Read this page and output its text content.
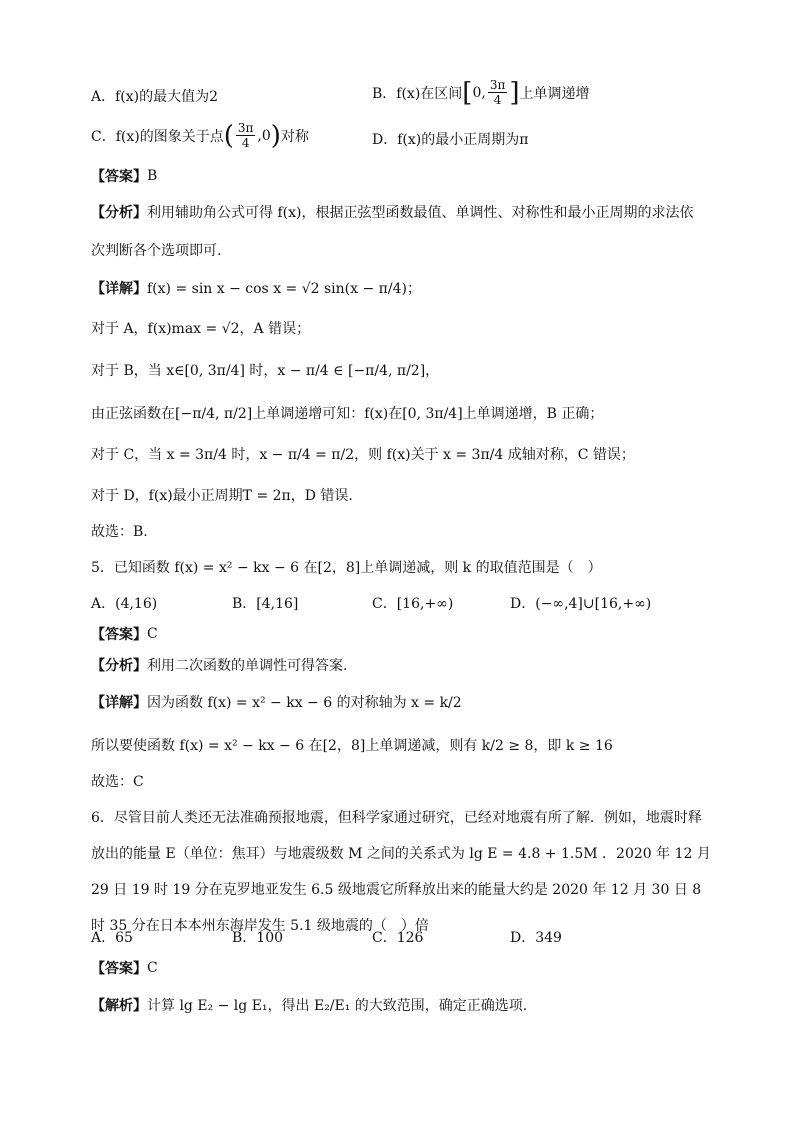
A．f(x)的最大值为2	B．f(x)在区间 [ 0, $\frac{3\pi}{4}$ ] 上单调递增
C．f(x)的图象关于点 ( $\frac{3\pi}{4} ,0$ ) 对称	D．f(x)的最小正周期为π
【答案】 B
【分析】 利用辅助角公式可得 f(x)，根据正弦型函数最值、单调性、对称性和最小正周期的求法依
次判断各个选项即可.
【详解】 f(x) = sin x − cos x = √2 sin(x − π/4)；
对于 A，f(x)max = √2，A 错误；
对于 B，当 x∈[0, 3π/4] 时，x − π/4 ∈ [−π/4, π/2]，
由正弦函数在[−π/4, π/2]上单调递增可知：f(x)在[0, 3π/4]上单调递增，B 正确；
对于 C，当 x = 3π/4 时，x − π/4 = π/2，则 f(x)关于 x = 3π/4 成轴对称，C 错误；
对于 D，f(x)最小正周期T = 2π，D 错误.
故选：B.
5．已知函数 f(x) = x² − kx − 6 在[2，8]上单调递减，则 k 的取值范围是（　）
A．(4,16)	B．[4,16]	C．[16,+∞)	D．(−∞,4]∪[16,+∞)
【答案】 C
【分析】 利用二次函数的单调性可得答案.
【详解】 因为函数 f(x) = x² − kx − 6 的对称轴为 x = k/2
所以要使函数 f(x) = x² − kx − 6 在[2，8]上单调递减，则有 k/2 ≥ 8，即 k ≥ 16
故选：C
6．尽管目前人类还无法准确预报地震，但科学家通过研究，已经对地震有所了解．例如，地震时释放出的能量 E（单位：焦耳）与地震级数 M 之间的关系式为 lg E = 4.8 + 1.5M ．2020 年 12 月 29 日 19 时 19 分在克罗地亚发生 6.5 级地震它所释放出来的能量大约是 2020 年 12 月 30 日 8 时 35 分在日本本州东海岸发生 5.1 级地震的（　）倍
A．65	B．100	C．126	D．349
【答案】 C
【解析】 计算 lg E₂ − lg E₁，得出 E₂/E₁ 的大致范围，确定正确选项.
